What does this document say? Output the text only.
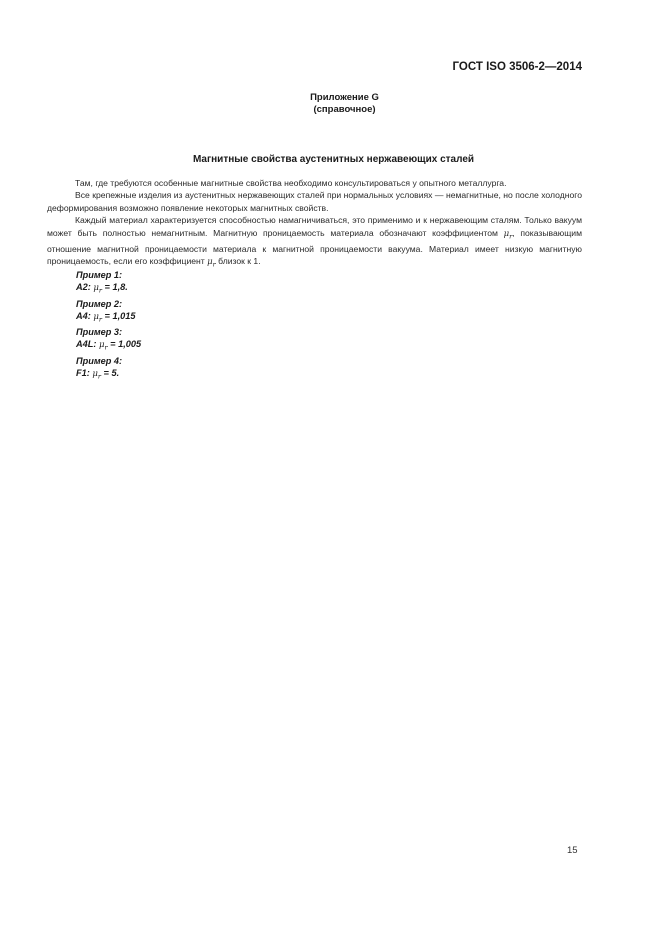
ГОСТ ISO 3506-2—2014
Приложение G
(справочное)
Магнитные свойства аустенитных нержавеющих сталей

Там, где требуются особенные магнитные свойства необходимо консультироваться у опытного металлурга.

Все крепежные изделия из аустенитных нержавеющих сталей при нормальных условиях — немагнитные, но после холодного деформирования возможно появление некоторых магнитных свойств.

Каждый материал характеризуется способностью намагничиваться, это применимо и к нержавеющим сталям. Только вакуум может быть полностью немагнитным. Магнитную проницаемость материала обозначают коэффициентом $\mu_r$, показывающим отношение магнитной проницаемости материала к магнитной проницаемости вакуума. Материал имеет низкую магнитную проницаемость, если его коэффициент $\mu_r$ близок к 1.

Пример 1:
A2: $\mu_r = 1,8$.
Пример 2:
A4: $\mu_r = 1,015$
Пример 3:
A4L: $\mu_r = 1,005$
Пример 4:
F1: $\mu_r = 5$.
15
